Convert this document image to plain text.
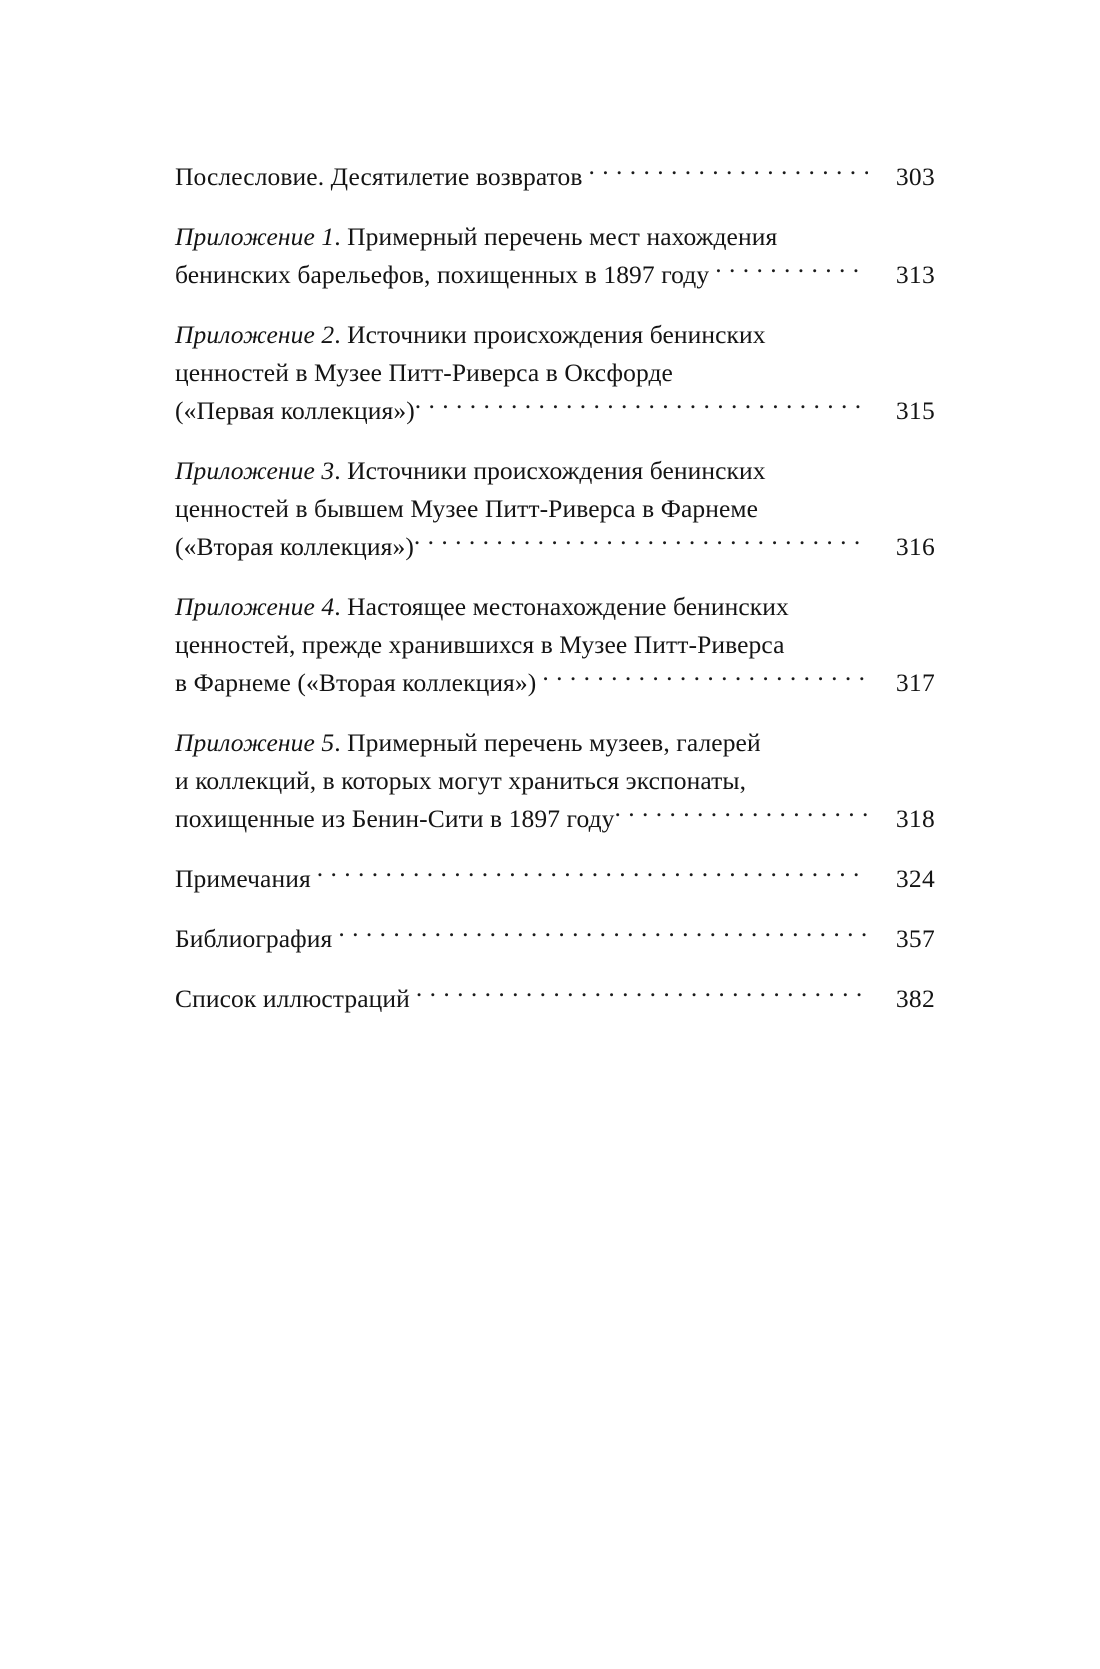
Послесловие. Десятилетие возвратов . . .	303
Приложение 1 . Примерный перечень мест нахождения
бенинских барельефов, похищенных в 1897 году . . .	313
Приложение 2 . Источники происхождения бенинских
ценностей в Музее Питт-Риверса в Оксфорде
(«Первая коллекция») . . .	315
Приложение 3 . Источники происхождения бенинских
ценностей в бывшем Музее Питт-Риверса в Фарнеме
(«Вторая коллекция») . . .	316
Приложение 4 . Настоящее местонахождение бенинских
ценностей, прежде хранившихся в Музее Питт-Риверса
в Фарнеме («Вторая коллекция») . . .	317
Приложение 5 . Примерный перечень музеев, галерей
и коллекций, в которых могут храниться экспонаты,
похищенные из Бенин-Сити в 1897 году . . .	318
Примечания . . .	324
Библиография . . .	357
Список иллюстраций . . .	382
